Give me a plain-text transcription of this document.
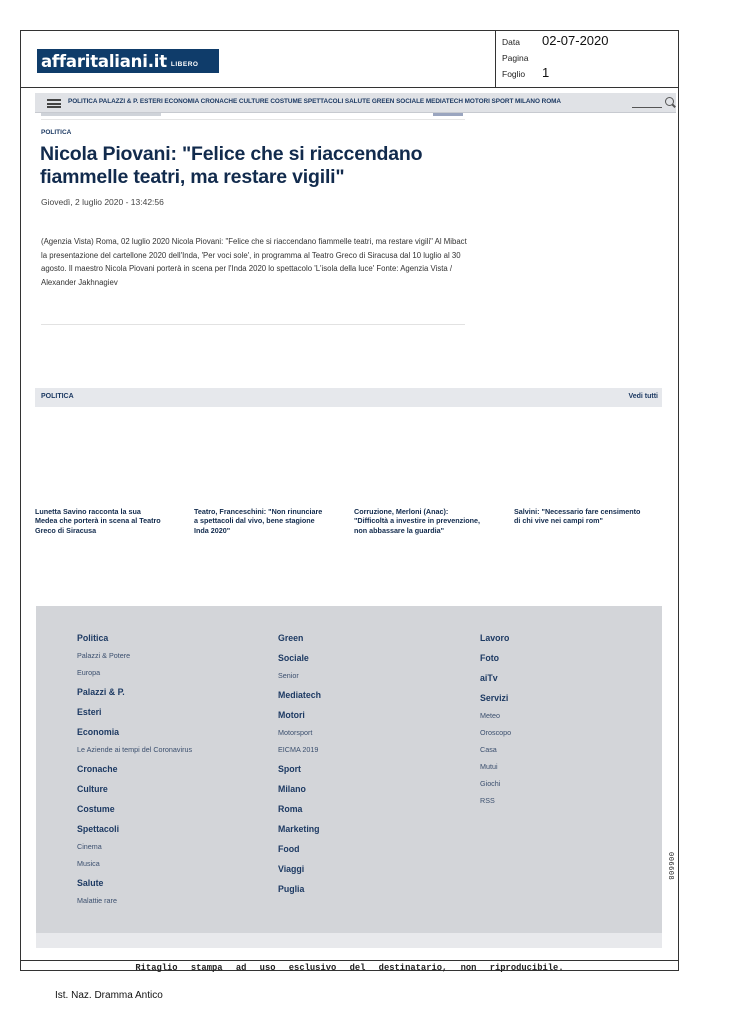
affaritaliani.it LIBERO
Data 02-07-2020
Pagina
Foglio 1
POLITICA PALAZZI & P. ESTERI ECONOMIA CRONACHE CULTURE COSTUME SPETTACOLI SALUTE GREEN SOCIALE MEDIATECH MOTORI SPORT MILANO ROMA
POLITICA
Nicola Piovani: "Felice che si riaccendano fiammelle teatri, ma restare vigili"
Giovedì, 2 luglio 2020 - 13:42:56

(Agenzia Vista) Roma, 02 luglio 2020 Nicola Piovani: "Felice che si riaccendano fiammelle teatri, ma restare vigili" Al Mibact la presentazione del cartellone 2020 dell'Inda, 'Per voci sole', in programma al Teatro Greco di Siracusa dal 10 luglio al 30 agosto. Il maestro Nicola Piovani porterà in scena per l'Inda 2020 lo spettacolo 'L'isola della luce' Fonte: Agenzia Vista / Alexander Jakhnagiev

POLITICA	Vedi tutti
Lunetta Savino racconta la sua Medea che porterà in scena al Teatro Greco di Siracusa
Teatro, Franceschini: "Non rinunciare a spettacoli dal vivo, bene stagione Inda 2020"
Corruzione, Merloni (Anac): "Difficoltà a investire in prevenzione, non abbassare la guardia"
Salvini: "Necessario fare censimento di chi vive nei campi rom"
Politica
Palazzi & Potere
Europa
Palazzi & P.
Esteri
Economia
Le Aziende ai tempi del Coronavirus
Cronache
Culture
Costume
Spettacoli
Cinema
Musica
Salute
Malattie rare
Green
Sociale
Senior
Mediatech
Motori
Motorsport
EICMA 2019
Sport
Milano
Roma
Marketing
Food
Viaggi
Puglia
Lavoro
Foto
aiTv
Servizi
Meteo
Oroscopo
Casa
Mutui
Giochi
RSS
Ritaglio stampa ad uso esclusivo del destinatario, non riproducibile.
006608
Ist. Naz. Dramma Antico
